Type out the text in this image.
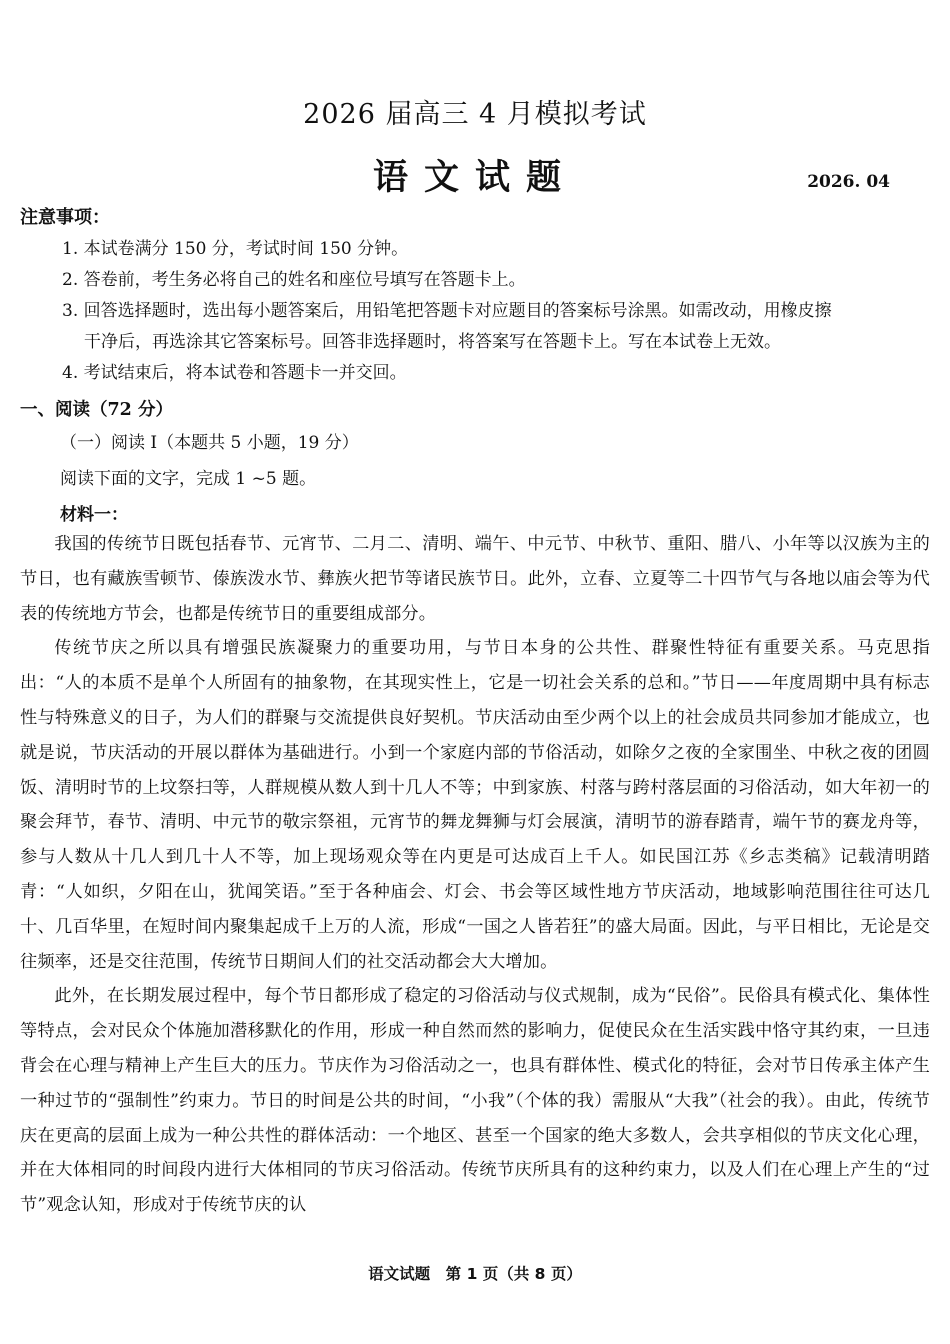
2026 届高三 4 月模拟考试
语文试题	2026. 04
注意事项：

1. 本试卷满分 150 分，考试时间 150 分钟。

2. 答卷前，考生务必将自己的姓名和座位号填写在答题卡上。

3. 回答选择题时，选出每小题答案后，用铅笔把答题卡对应题目的答案标号涂黑。如需改动，用橡皮擦

干净后，再选涂其它答案标号。回答非选择题时，将答案写在答题卡上。写在本试卷上无效。

4. 考试结束后，将本试卷和答题卡一并交回。

一、阅读（72 分）
（一）阅读 Ⅰ（本题共 5 小题，19 分）
阅读下面的文字，完成 1 ~5 题。
材料一：

我国的传统节日既包括春节、元宵节、二月二、清明、端午、中元节、中秋节、重阳、腊八、小年等以汉族为主的节日，也有藏族雪顿节、傣族泼水节、彝族火把节等诸民族节日。此外，立春、立夏等二十四节气与各地以庙会等为代表的传统地方节会，也都是传统节日的重要组成部分。

传统节庆之所以具有增强民族凝聚力的重要功用，与节日本身的公共性、群聚性特征有重要关系。马克思指出：“人的本质不是单个人所固有的抽象物，在其现实性上，它是一切社会关系的总和。”节日——年度周期中具有标志性与特殊意义的日子，为人们的群聚与交流提供良好契机。节庆活动由至少两个以上的社会成员共同参加才能成立，也就是说，节庆活动的开展以群体为基础进行。小到一个家庭内部的节俗活动，如除夕之夜的全家围坐、中秋之夜的团圆饭、清明时节的上坟祭扫等，人群规模从数人到十几人不等；中到家族、村落与跨村落层面的习俗活动，如大年初一的聚会拜节，春节、清明、中元节的敬宗祭祖，元宵节的舞龙舞狮与灯会展演，清明节的游春踏青，端午节的赛龙舟等，参与人数从十几人到几十人不等，加上现场观众等在内更是可达成百上千人。如民国江苏《乡志类稿》记载清明踏青：“人如织，夕阳在山，犹闻笑语。”至于各种庙会、灯会、书会等区域性地方节庆活动，地域影响范围往往可达几十、几百华里，在短时间内聚集起成千上万的人流，形成“一国之人皆若狂”的盛大局面。因此，与平日相比，无论是交往频率，还是交往范围，传统节日期间人们的社交活动都会大大增加。

此外，在长期发展过程中，每个节日都形成了稳定的习俗活动与仪式规制，成为“民俗”。民俗具有模式化、集体性等特点，会对民众个体施加潜移默化的作用，形成一种自然而然的影响力，促使民众在生活实践中恪守其约束，一旦违背会在心理与精神上产生巨大的压力。节庆作为习俗活动之一，也具有群体性、模式化的特征，会对节日传承主体产生一种过节的“强制性”约束力。节日的时间是公共的时间，“小我”（个体的我）需服从“大我”（社会的我）。由此，传统节庆在更高的层面上成为一种公共性的群体活动：一个地区、甚至一个国家的绝大多数人，会共享相似的节庆文化心理，并在大体相同的时间段内进行大体相同的节庆习俗活动。传统节庆所具有的这种约束力，以及人们在心理上产生的“过节”观念认知，形成对于传统节庆的认

语文试题　第 1 页（共 8 页）
